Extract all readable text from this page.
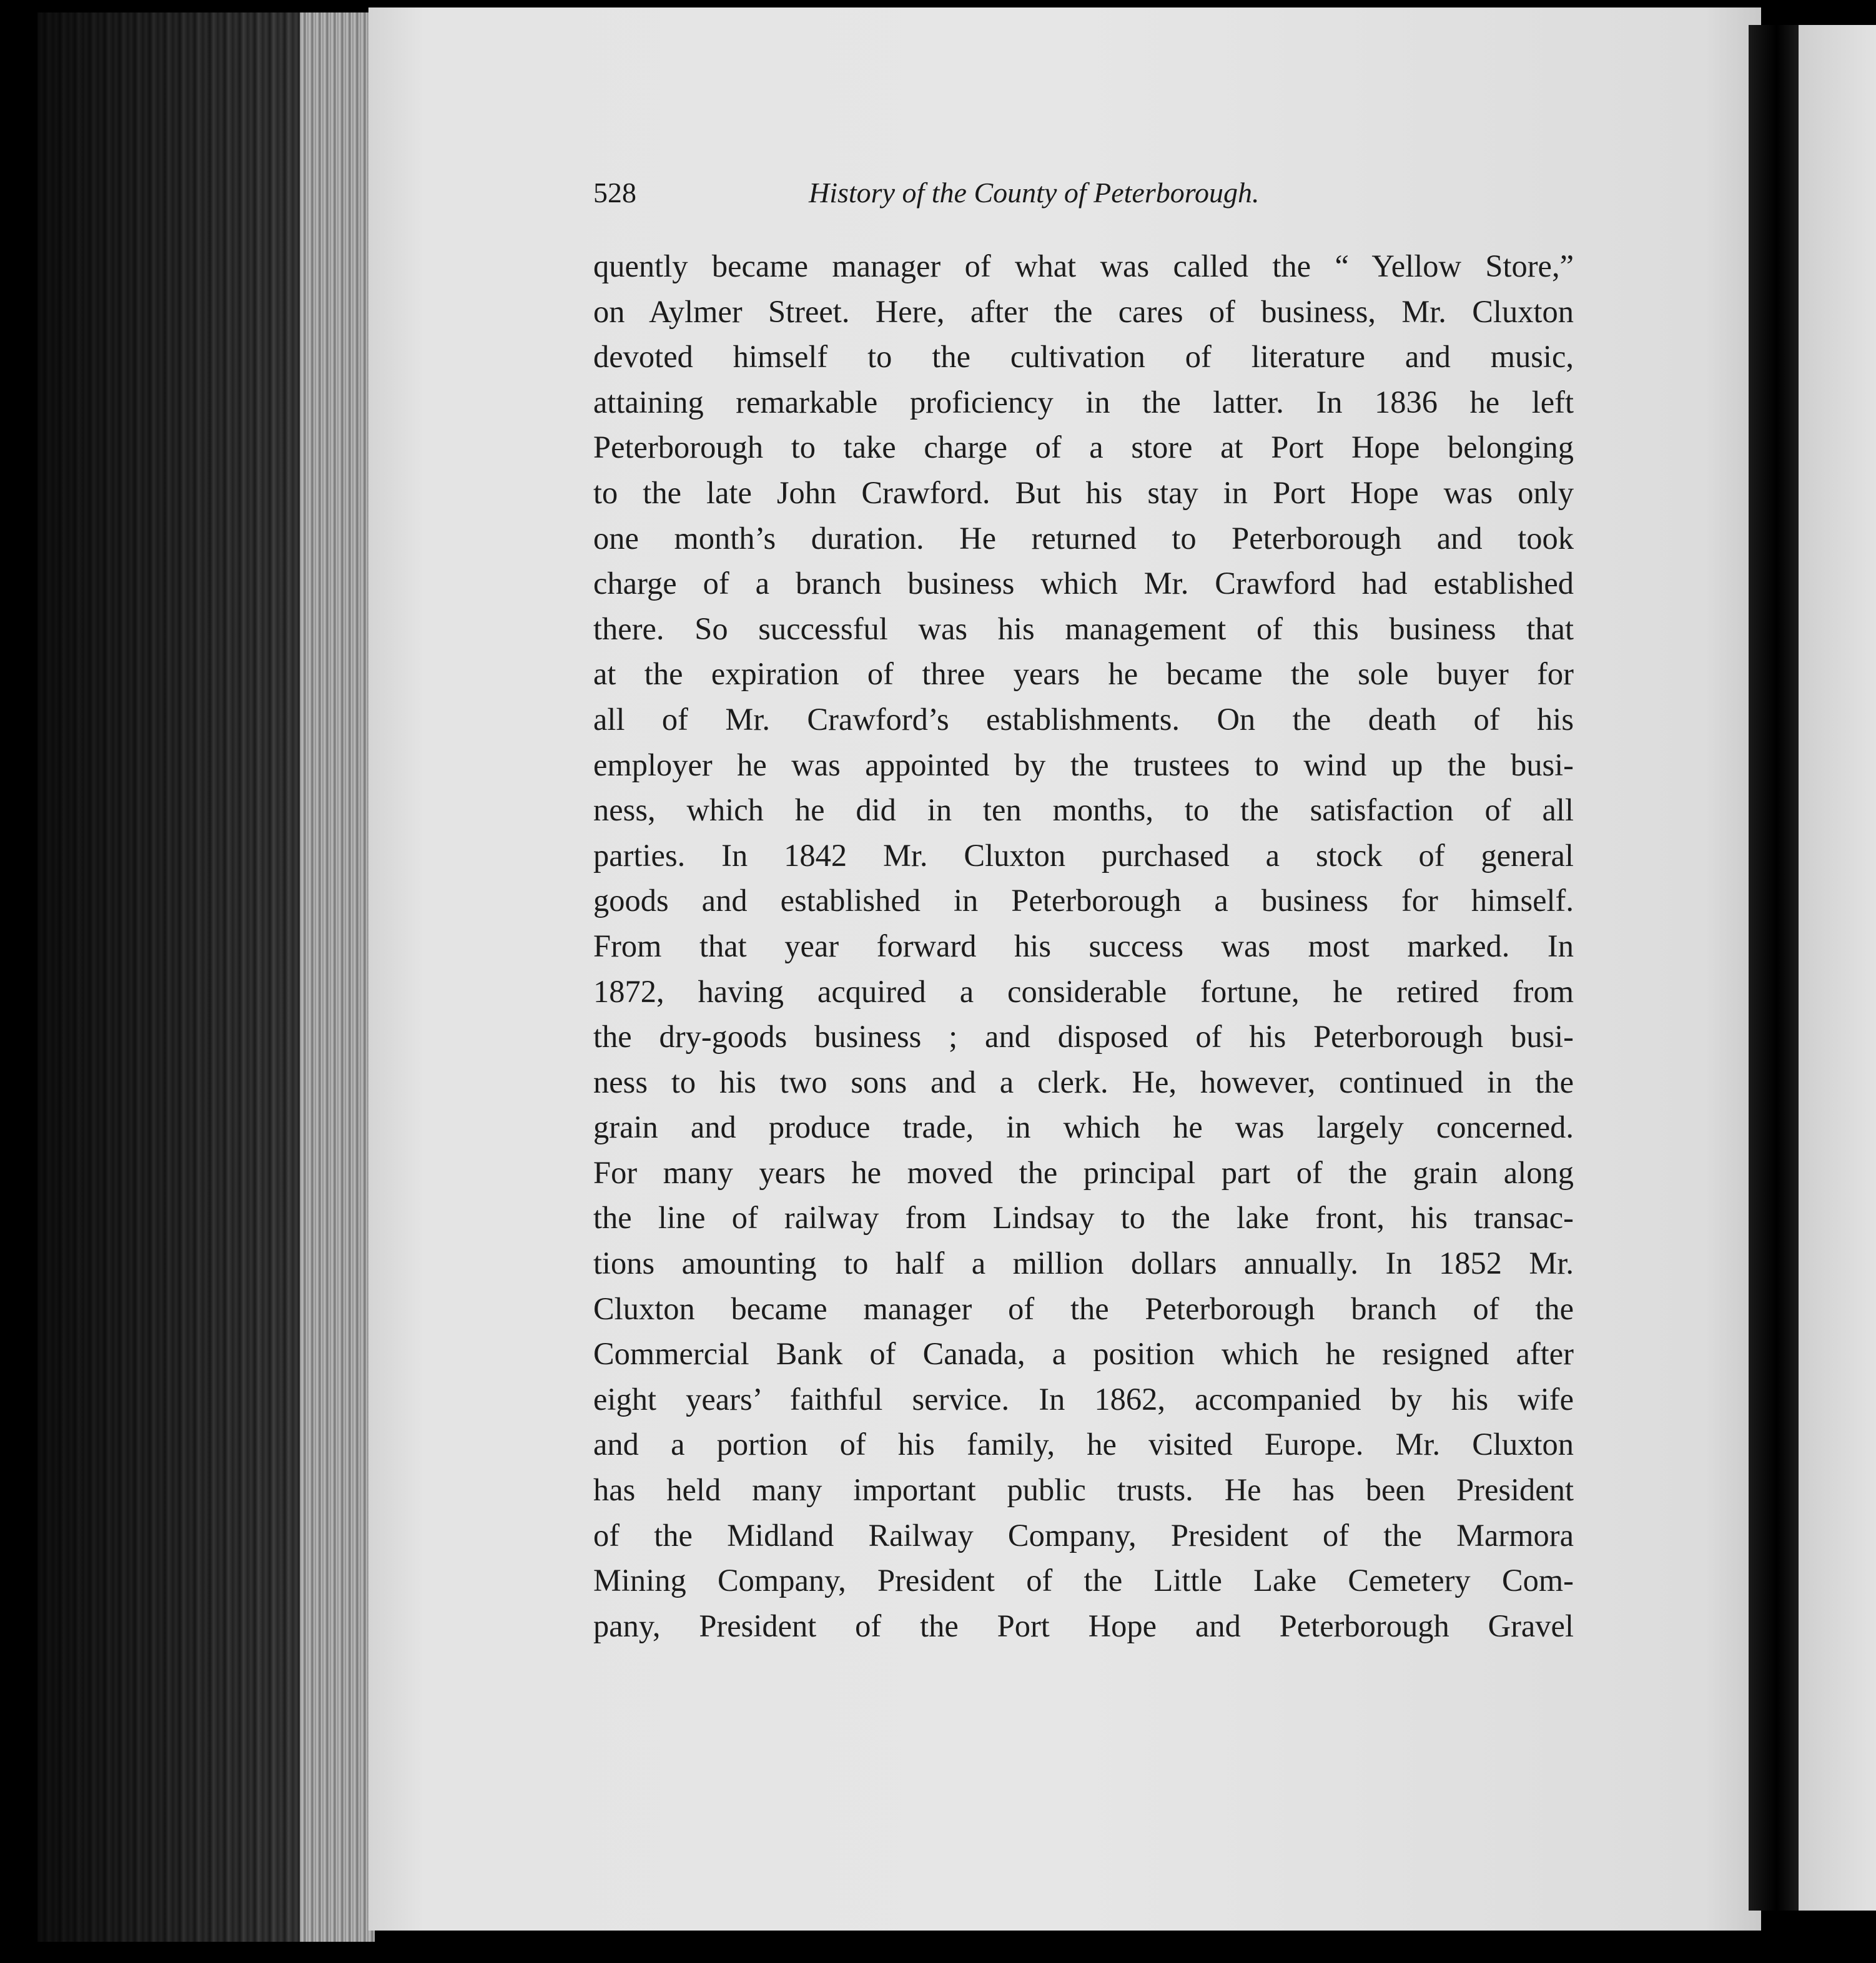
528	History of the County of Peterborough.
quently became manager of what was called the “ Yellow Store,”
on Aylmer Street. Here, after the cares of business, Mr. Cluxton
devoted himself to the cultivation of literature and music,
attaining remarkable proficiency in the latter. In 1836 he left
Peterborough to take charge of a store at Port Hope belonging
to the late John Crawford. But his stay in Port Hope was only
one month’s duration. He returned to Peterborough and took
charge of a branch business which Mr. Crawford had established
there. So successful was his management of this business that
at the expiration of three years he became the sole buyer for
all of Mr. Crawford’s establishments. On the death of his
employer he was appointed by the trustees to wind up the busi-
ness, which he did in ten months, to the satisfaction of all
parties. In 1842 Mr. Cluxton purchased a stock of general
goods and established in Peterborough a business for himself.
From that year forward his success was most marked. In
1872, having acquired a considerable fortune, he retired from
the dry-goods business ; and disposed of his Peterborough busi-
ness to his two sons and a clerk. He, however, continued in the
grain and produce trade, in which he was largely concerned.
For many years he moved the principal part of the grain along
the line of railway from Lindsay to the lake front, his transac-
tions amounting to half a million dollars annually. In 1852 Mr.
Cluxton became manager of the Peterborough branch of the
Commercial Bank of Canada, a position which he resigned after
eight years’ faithful service. In 1862, accompanied by his wife
and a portion of his family, he visited Europe. Mr. Cluxton
has held many important public trusts. He has been President
of the Midland Railway Company, President of the Marmora
Mining Company, President of the Little Lake Cemetery Com-
pany, President of the Port Hope and Peterborough Gravel
